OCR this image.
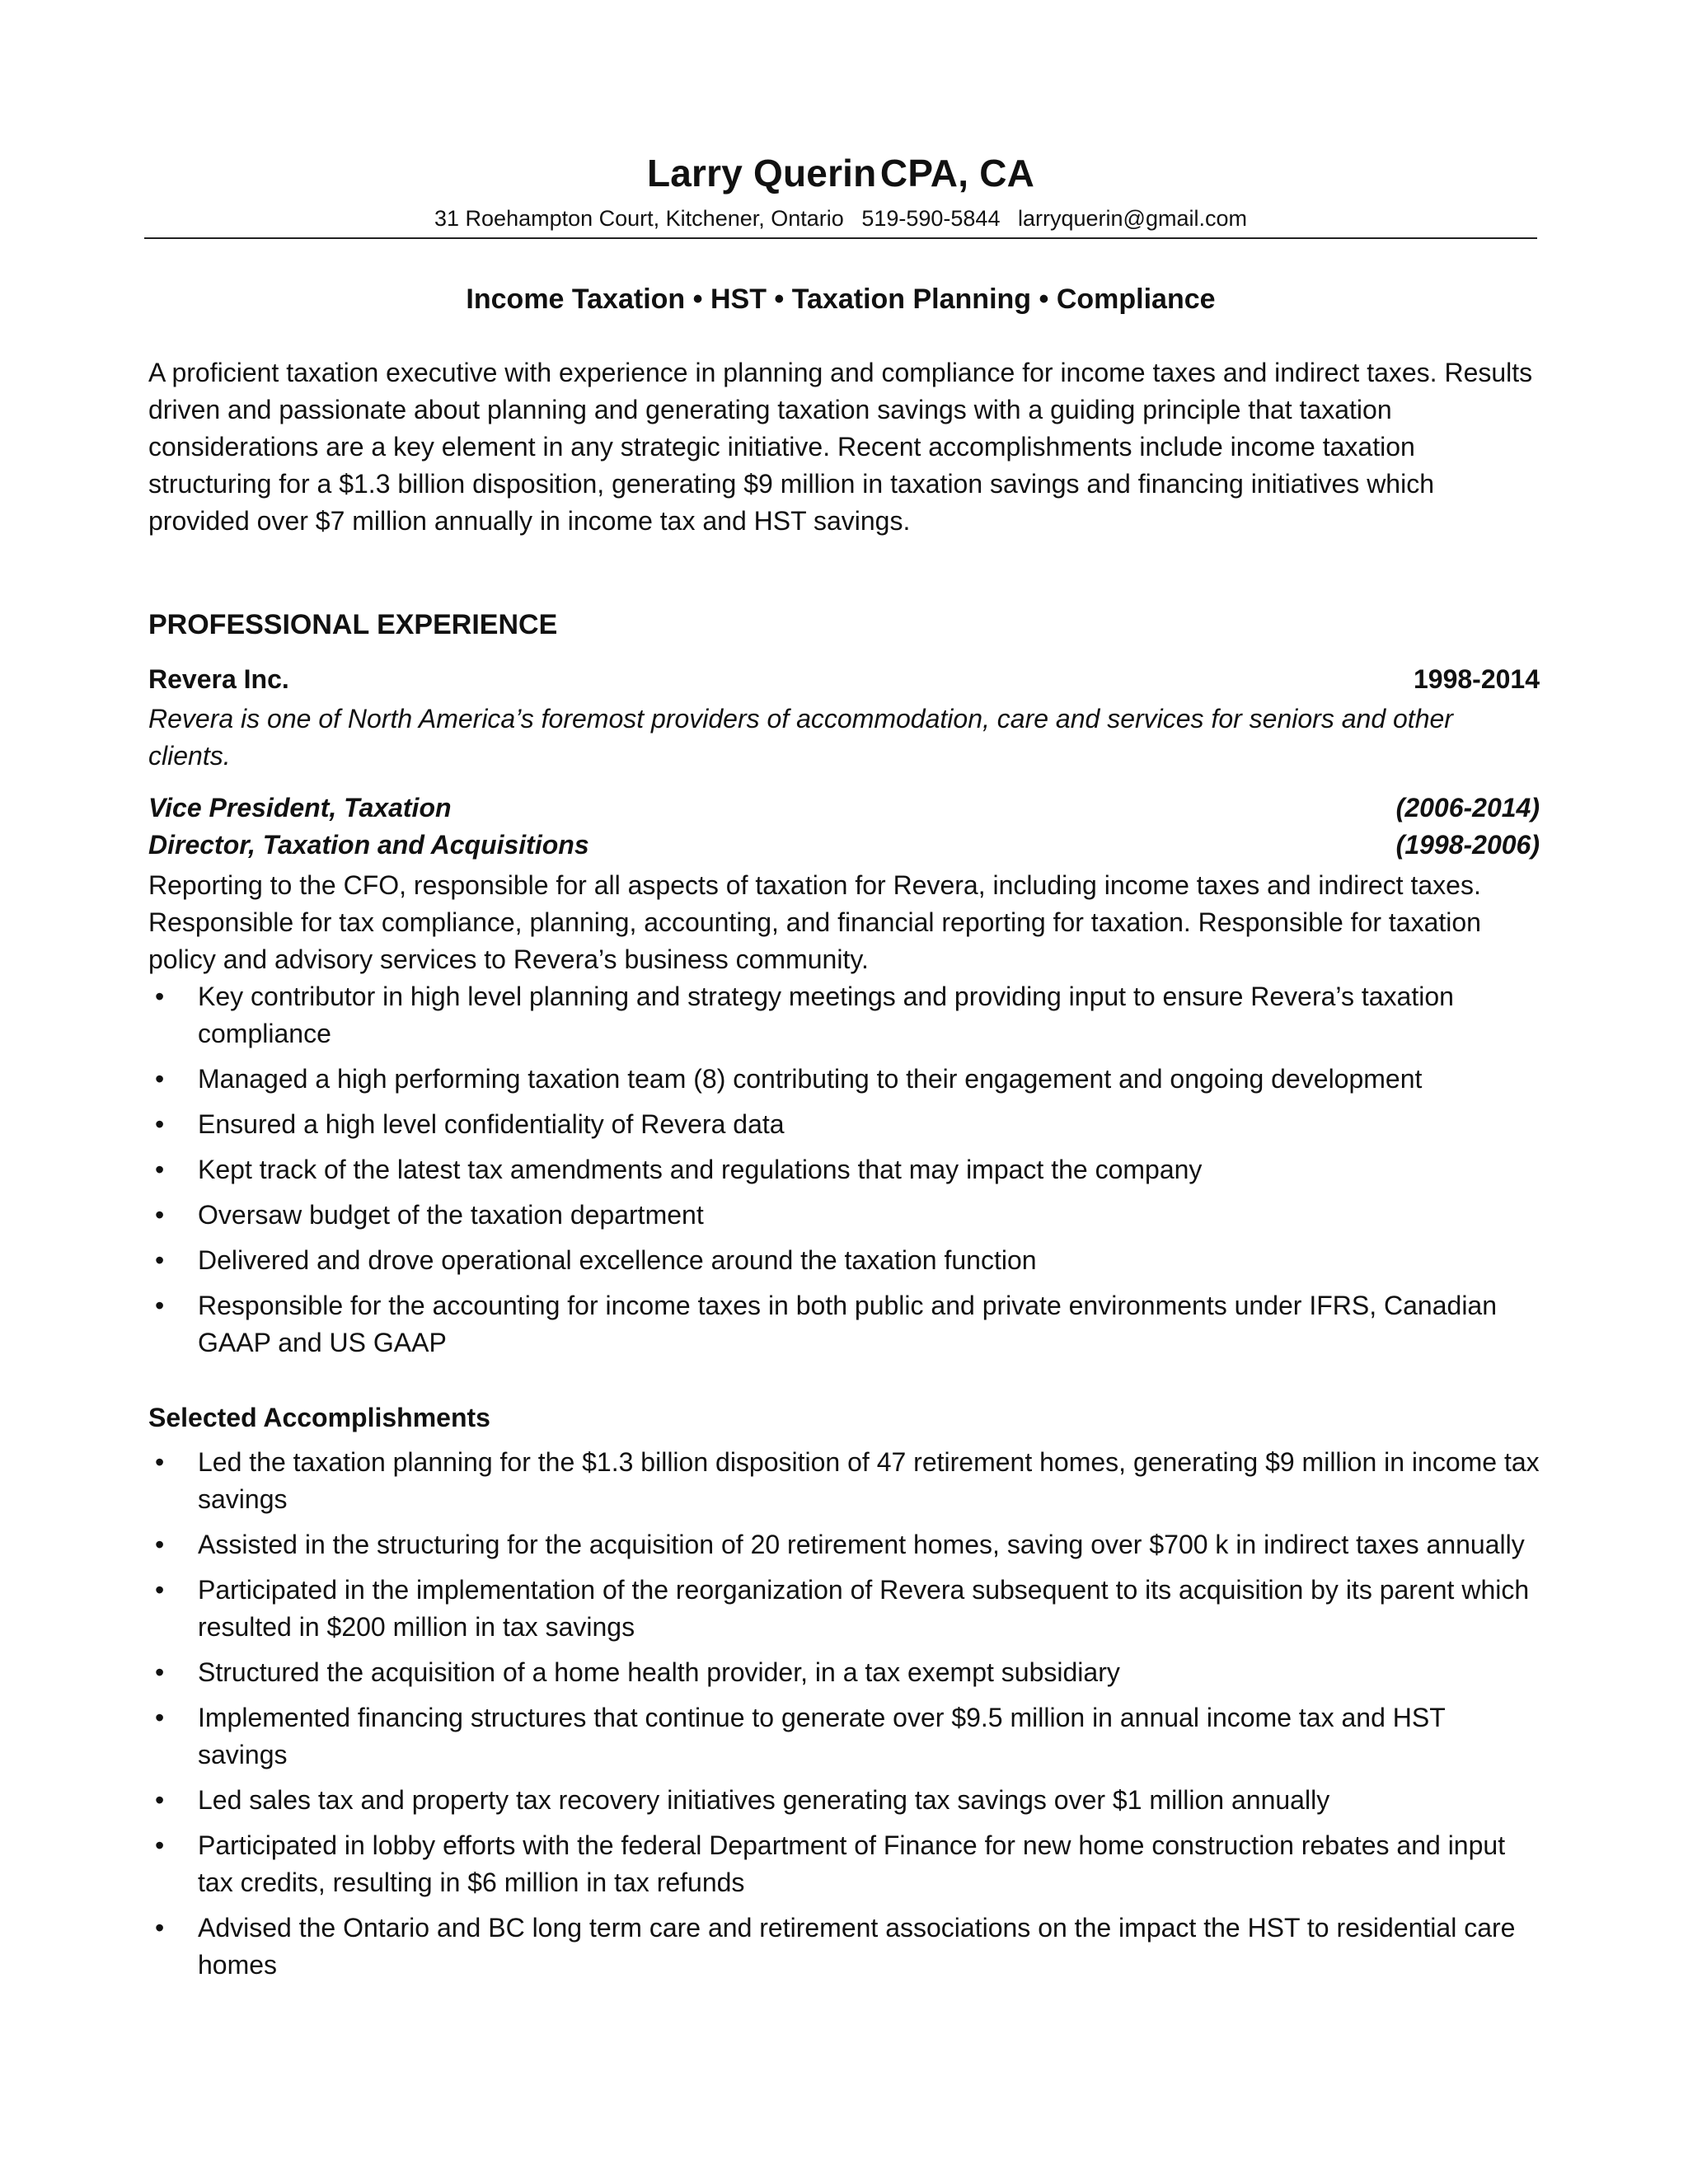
Larry Querin CPA, CA
31 Roehampton Court, Kitchener, Ontario 519-590-5844 larryquerin@gmail.com
Income Taxation • HST • Taxation Planning • Compliance
A proficient taxation executive with experience in planning and compliance for income taxes and indirect taxes. Results driven and passionate about planning and generating taxation savings with a guiding principle that taxation considerations are a key element in any strategic initiative. Recent accomplishments include income taxation structuring for a $1.3 billion disposition, generating $9 million in taxation savings and financing initiatives which provided over $7 million annually in income tax and HST savings.
PROFESSIONAL EXPERIENCE
Revera Inc.	1998-2014
Revera is one of North America’s foremost providers of accommodation, care and services for seniors and other clients.
Vice President, Taxation	(2006-2014)
Director, Taxation and Acquisitions	(1998-2006)
Reporting to the CFO, responsible for all aspects of taxation for Revera, including income taxes and indirect taxes. Responsible for tax compliance, planning, accounting, and financial reporting for taxation. Responsible for taxation policy and advisory services to Revera’s business community.
• Key contributor in high level planning and strategy meetings and providing input to ensure Revera’s taxation compliance
• Managed a high performing taxation team (8) contributing to their engagement and ongoing development
• Ensured a high level confidentiality of Revera data
• Kept track of the latest tax amendments and regulations that may impact the company
• Oversaw budget of the taxation department
• Delivered and drove operational excellence around the taxation function
• Responsible for the accounting for income taxes in both public and private environments under IFRS, Canadian GAAP and US GAAP
Selected Accomplishments
• Led the taxation planning for the $1.3 billion disposition of 47 retirement homes, generating $9 million in income tax savings
• Assisted in the structuring for the acquisition of 20 retirement homes, saving over $700 k in indirect taxes annually
• Participated in the implementation of the reorganization of Revera subsequent to its acquisition by its parent which resulted in $200 million in tax savings
• Structured the acquisition of a home health provider, in a tax exempt subsidiary
• Implemented financing structures that continue to generate over $9.5 million in annual income tax and HST savings
• Led sales tax and property tax recovery initiatives generating tax savings over $1 million annually
• Participated in lobby efforts with the federal Department of Finance for new home construction rebates and input tax credits, resulting in $6 million in tax refunds
• Advised the Ontario and BC long term care and retirement associations on the impact the HST to residential care homes
